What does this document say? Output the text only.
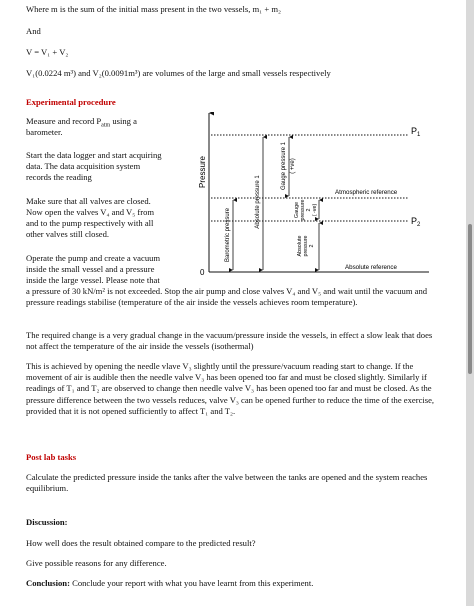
Where m is the sum of the initial mass present in the two vessels, m₁ + m₂
And
V = V₁ + V₂
V₁(0.0224 m³) and V₂(0.0091m³) are volumes of the large and small vessels respectively
Experimental procedure
Measure and record $P_{atm}$ using a
barometer.
Start the data logger and start acquiring
data. The data acquisition system
records the reading
Make sure that all valves are closed.
Now open the valves V₄ and V₅ from
and to the pump respectively with all
other valves still closed.
Operate the pump and create a vacuum
inside the small vessel and a pressure
inside the large vessel. Please note that
a pressure of 30 kN/m² is not exceeded. Stop the air pump and close valves V₄ and V₅ and wait until the vacuum and pressure readings stabilise (temperature of the air inside the vessels achieves room temperature).
The required change is a very gradual change in the vacuum/pressure inside the vessels, in effect a slow leak that does not affect the temperature of the air inside the vessels (isothermal)
This is achieved by opening the needle vlave V₃ slightly until the pressure/vacuum reading start to change. If the movement of air is audible then the needle valve V₃ has been opened too far and must be closed slightly. Similarly if readings of T₁ and T₂ are observed to change then needle valve V₃ has been opened too far and must be closed. As the pressure difference between the two vessels reduces, valve V₃ can be opened further to reduce the time of the exercise, provided that it is not opened sufficiently to affect T₁ and T₂.
Post lab tasks
Calculate the predicted pressure inside the tanks after the valve between the tanks are opened and the system reaches equilibrium.
Discussion:
How well does the result obtained compare to the predicted result?
Give possible reasons for any difference.
Conclusion: Conclude your report with what you have learnt from this experiment.
Pressure
0
$P_1$
$P_2$
Atmospheric reference
Absolute reference
Barometric pressure
Absolute pressure 1
Gauge pressure 1 ( +ve)
Gauge pressure 2 ( -ve)
Absolute pressure 2
